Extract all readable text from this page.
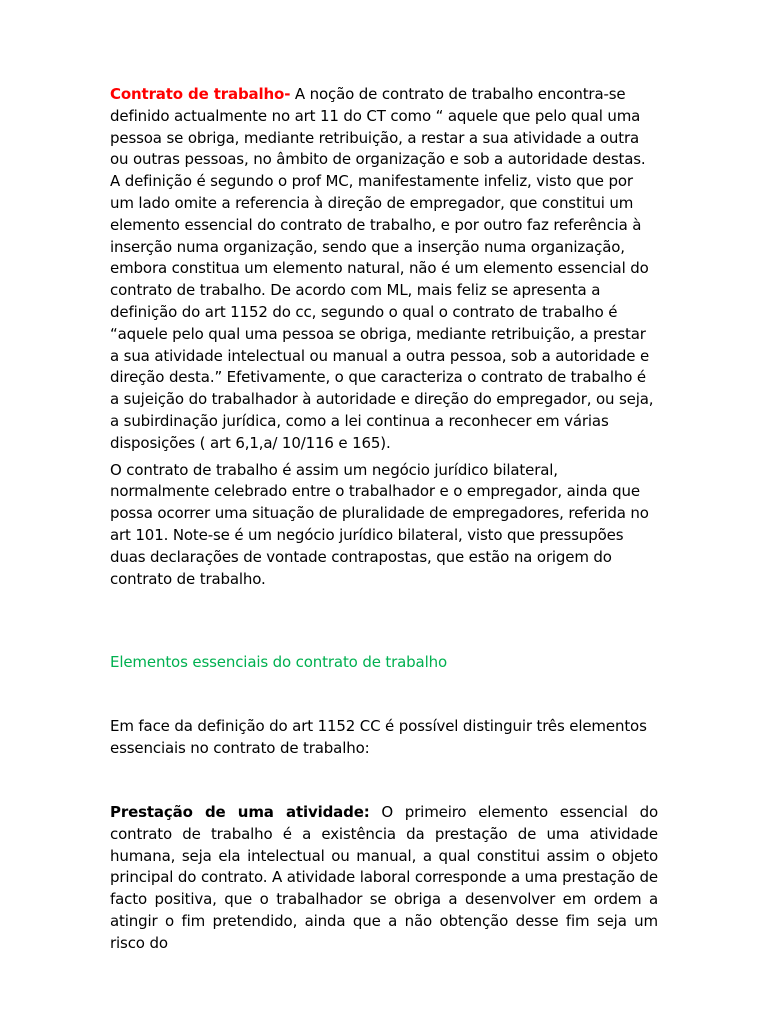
Contrato de trabalho- A noção de contrato de trabalho encontra-se definido actualmente no art 11 do CT como “ aquele que pelo qual uma pessoa se obriga, mediante retribuição, a restar a sua atividade a outra ou outras pessoas, no âmbito de organização e sob a autoridade destas. A definição é segundo o prof MC, manifestamente infeliz, visto que por um lado omite a referencia à direção de empregador, que constitui um elemento essencial do contrato de trabalho, e por outro faz referência à inserção numa organização, sendo que a inserção numa organização, embora constitua um elemento natural, não é um elemento essencial do contrato de trabalho. De acordo com ML, mais feliz se apresenta a definição do art 1152 do cc, segundo o qual o contrato de trabalho é “aquele pelo qual uma pessoa se obriga, mediante retribuição, a prestar a sua atividade intelectual ou manual a outra pessoa, sob a autoridade e direção desta.” Efetivamente, o que caracteriza o contrato de trabalho é a sujeição do trabalhador à autoridade e direção do empregador, ou seja, a subirdinação jurídica, como a lei continua a reconhecer em várias disposições ( art 6,1,a/ 10/116 e 165).

O contrato de trabalho é assim um negócio jurídico bilateral, normalmente celebrado entre o trabalhador e o empregador, ainda que possa ocorrer uma situação de pluralidade de empregadores, referida no art 101. Note-se é um negócio jurídico bilateral, visto que pressupões duas declarações de vontade contrapostas, que estão na origem do contrato de trabalho.

Elementos essenciais do contrato de trabalho

Em face da definição do art 1152 CC é possível distinguir três elementos essenciais no contrato de trabalho:

Prestação de uma atividade: O primeiro elemento essencial do contrato de trabalho é a existência da prestação de uma atividade humana, seja ela intelectual ou manual, a qual constitui assim o objeto principal do contrato. A atividade laboral corresponde a uma prestação de facto positiva, que o trabalhador se obriga a desenvolver em ordem a atingir o fim pretendido, ainda que a não obtenção desse fim seja um risco do
